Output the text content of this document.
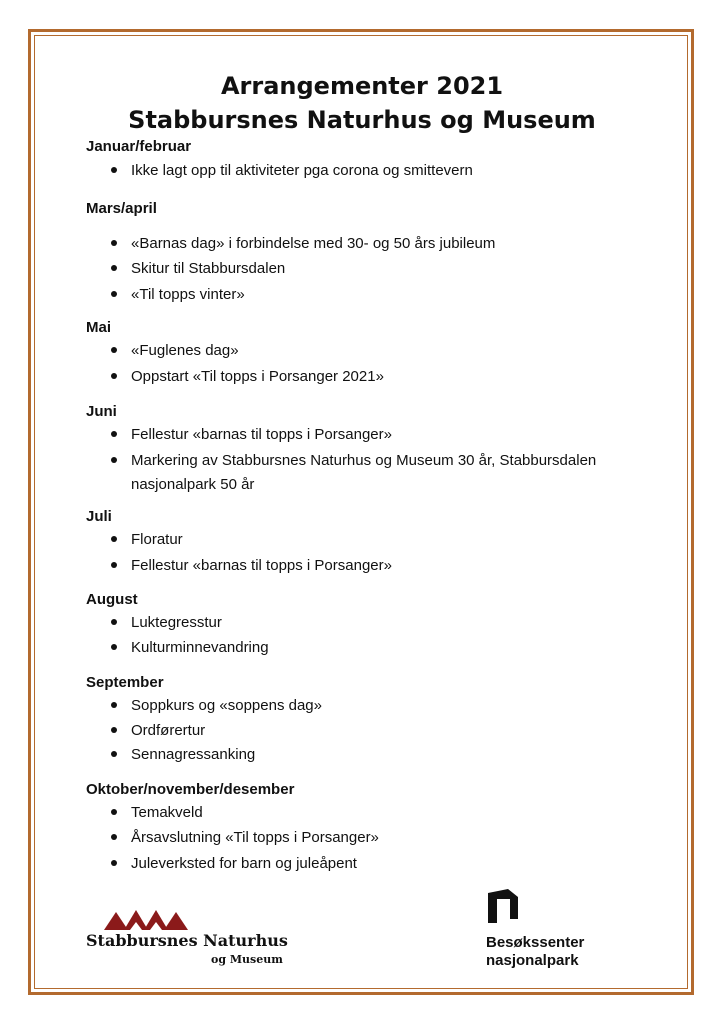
Arrangementer 2021
Stabbursnes Naturhus og Museum
Januar/februar
Ikke lagt opp til aktiviteter pga corona og smittevern
Mars/april
«Barnas dag» i forbindelse med 30- og 50 års jubileum
Skitur til Stabbursdalen
«Til topps vinter»
Mai
«Fuglenes dag»
Oppstart «Til topps i Porsanger 2021»
Juni
Fellestur «barnas til topps i Porsanger»
Markering av Stabbursnes Naturhus og Museum 30 år, Stabbursdalen nasjonalpark 50 år
Juli
Floratur
Fellestur «barnas til topps i Porsanger»
August
Luktegresstur
Kulturminnevandring
September
Soppkurs og «soppens dag»
Ordførertur
Sennagressanking
Oktober/november/desember
Temakveld
Årsavslutning «Til topps i Porsanger»
Juleverksted for barn og juleåpent
Stabbursnes Naturhus
og Museum
Besøkssenter
nasjonalpark
